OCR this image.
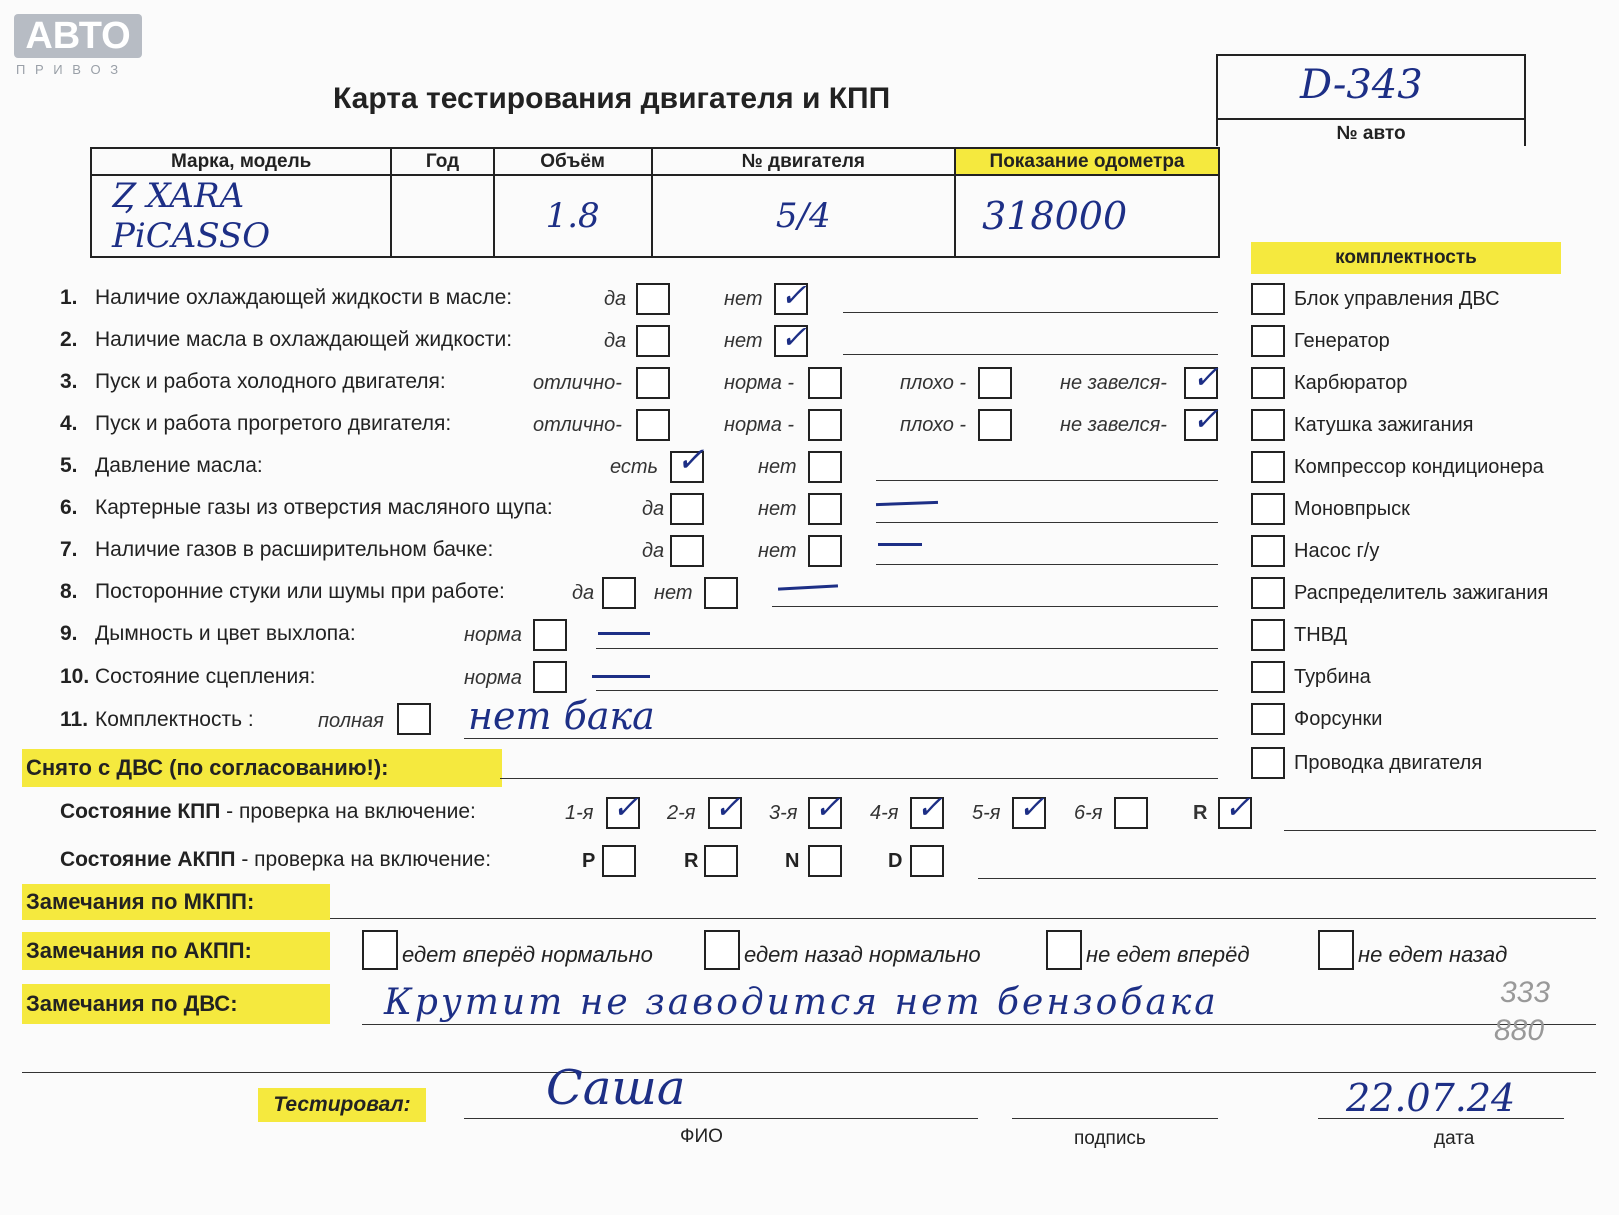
АВТО
П Р И В О З
Карта тестирования двигателя и КПП	D-343
№ авто
Марка, модель	Год	Объём	№ двигателя	Показание одометра
Ȥ XARA PiCASSO		1.8	5/4	318000
комплектность
Блок управления ДВС
Генератор
Карбюратор
Катушка зажигания
Компрессор кондиционера
Моновпрыск
Насос г/у
Распределитель зажигания
ТНВД
Турбина
Форсунки
Проводка двигателя
1. Наличие охлаждающей жидкости в масле:	да	нет ✓
2. Наличие масла в охлаждающей жидкости:	да	нет ✓
3. Пуск и работа холодного двигателя:	отлично-	норма -	плохо -	не завелся- ✓
4. Пуск и работа прогретого двигателя:	отлично-	норма -	плохо -	не завелся- ✓
5. Давление масла:	есть ✓	нет
6. Картерные газы из отверстия масляного щупа:	да	нет
7. Наличие газов в расширительном бачке:	да	нет
8. Посторонние стуки или шумы при работе:	да	нет
9. Дымность и цвет выхлопа:	норма
10. Состояние сцепления:	норма
11. Комплектность :	полная нет бака
Снято с ДВС (по согласованию!):
Состояние КПП - проверка на включение:	1-я ✓ 2-я ✓ 3-я ✓ 4-я ✓ 5-я ✓ 6-я	R ✓
Состояние АКПП - проверка на включение:	P	R	N	D
Замечания по МКПП:
Замечания по АКПП:	едет вперёд нормально	едет назад нормально	не едет вперёд	не едет назад
Замечания по ДВС:	Крутит не заводится нет бензобака	333
880
Тестировал:	Саша	22.07.24
ФИО	подпись	дата
